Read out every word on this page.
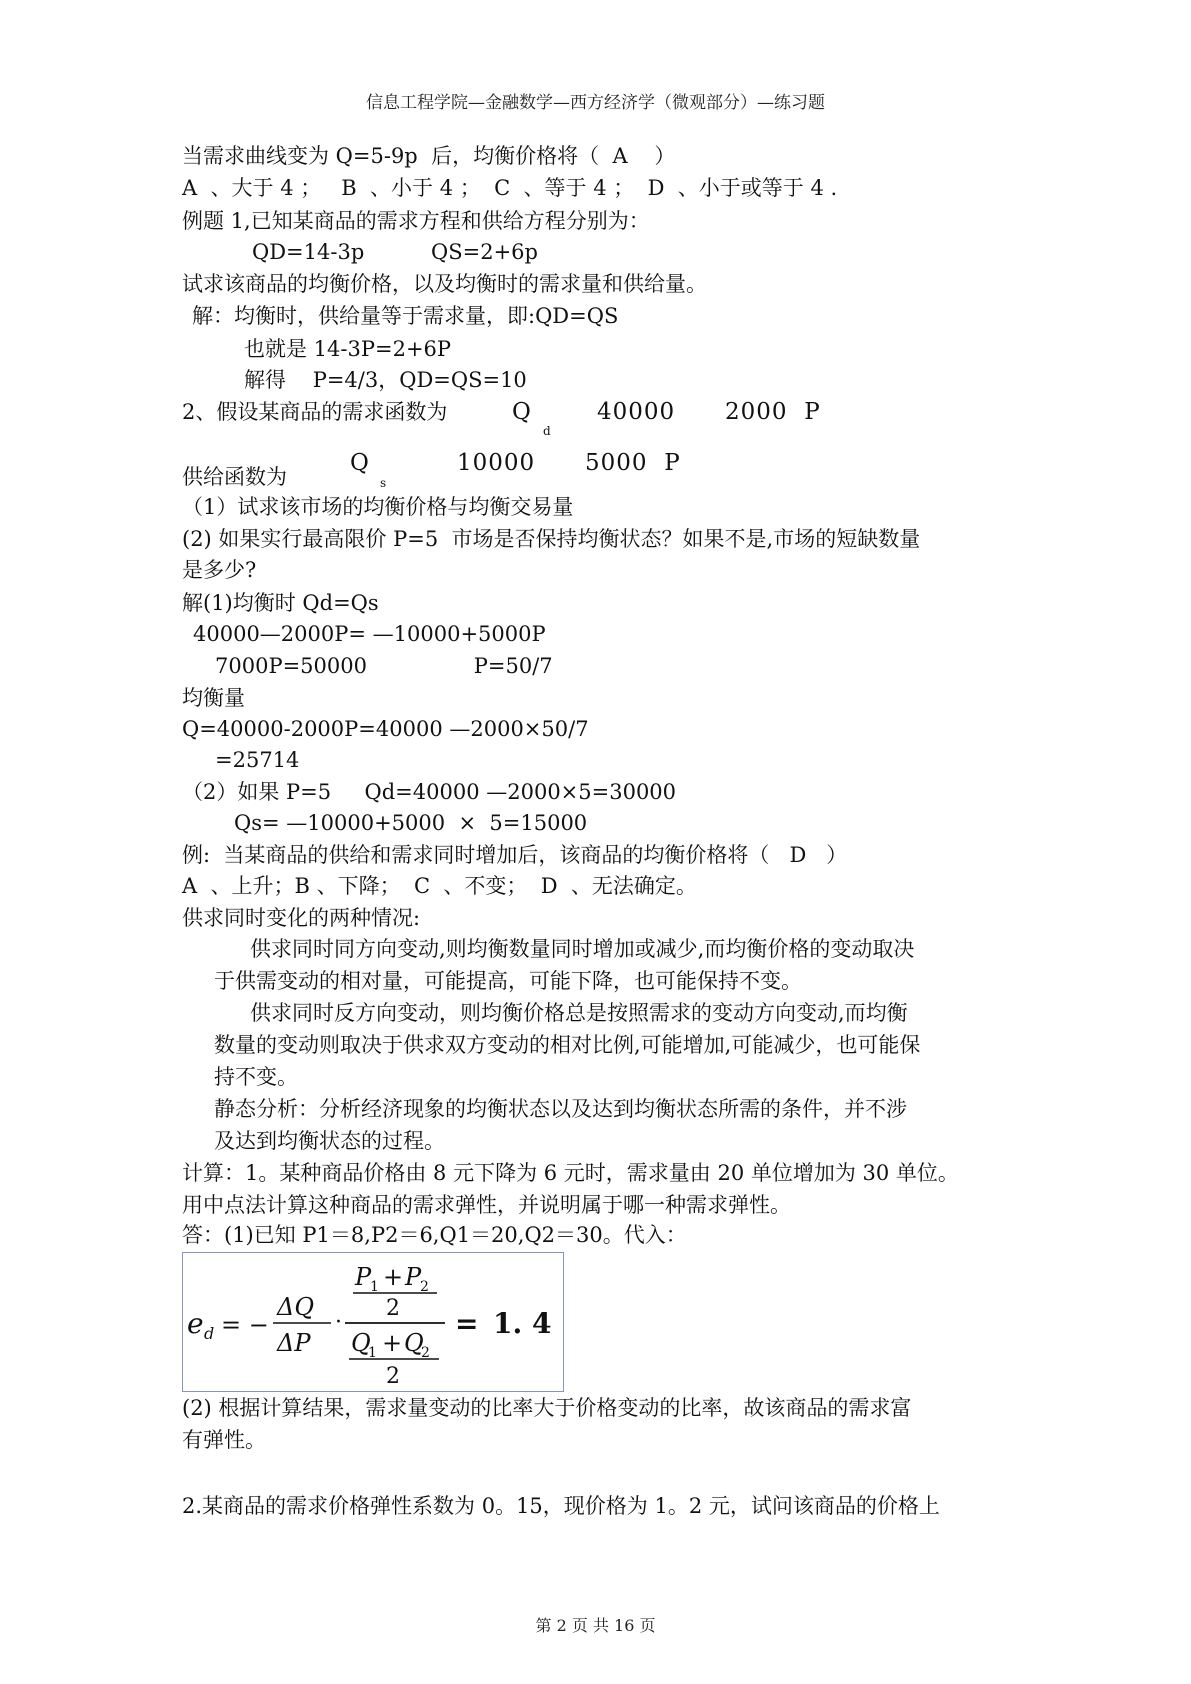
信息工程学院—金融数学—西方经济学（微观部分）—练习题
当需求曲线变为 Q=5-9p  后，均衡价格将（  A    ）
A  、大于 4 ；   B  、小于 4 ；  C  、等于 4 ；  D  、小于或等于 4 .
例题 1,已知某商品的需求方程和供给方程分别为：
QD=14-3p          QS=2+6p
试求该商品的均衡价格，以及均衡时的需求量和供给量。
解：均衡时，供给量等于需求量，即:QD=QS
也就是 14-3P=2+6P
解得    P=4/3，QD=QS=10
2、假设某商品的需求函数为	Q
d
40000      2000  P
供给函数为
Q
s
10000      5000  P
（1）试求该市场的均衡价格与均衡交易量
(2) 如果实行最高限价 P=5  市场是否保持均衡状态？如果不是,市场的短缺数量
是多少?
解(1)均衡时 Qd=Qs
40000—2000P= —10000+5000P
7000P=50000                P=50/7
均衡量
Q=40000-2000P=40000 —2000×50/7
=25714
（2）如果 P=5     Qd=40000 —2000×5=30000
Qs= —10000+5000  ×  5=15000
例:  当某商品的供给和需求同时增加后，该商品的均衡价格将（   D   ）
A  、上升；B 、下降；  C  、不变；  D  、无法确定。
供求同时变化的两种情况:
供求同时同方向变动,则均衡数量同时增加或减少,而均衡价格的变动取决
于供需变动的相对量，可能提高，可能下降，也可能保持不变。
供求同时反方向变动，则均衡价格总是按照需求的变动方向变动,而均衡
数量的变动则取决于供求双方变动的相对比例,可能增加,可能减少，也可能保
持不变。
静态分析：分析经济现象的均衡状态以及达到均衡状态所需的条件，并不涉
及达到均衡状态的过程。
计算：1。某种商品价格由 8 元下降为 6 元时，需求量由 20 单位增加为 30 单位。
用中点法计算这种商品的需求弹性，并说明属于哪一种需求弹性。
答：(1)已知 P1＝8,P2＝6,Q1＝20,Q2＝30。代入：
e d = −
ΔQ
ΔP
·
P
1 + P
2
2
Q
1 + Q
2
2
= 1. 4
(2) 根据计算结果，需求量变动的比率大于价格变动的比率，故该商品的需求富
有弹性。
2.某商品的需求价格弹性系数为 0。15，现价格为 1。2 元，试问该商品的价格上
第 2 页 共 16 页
